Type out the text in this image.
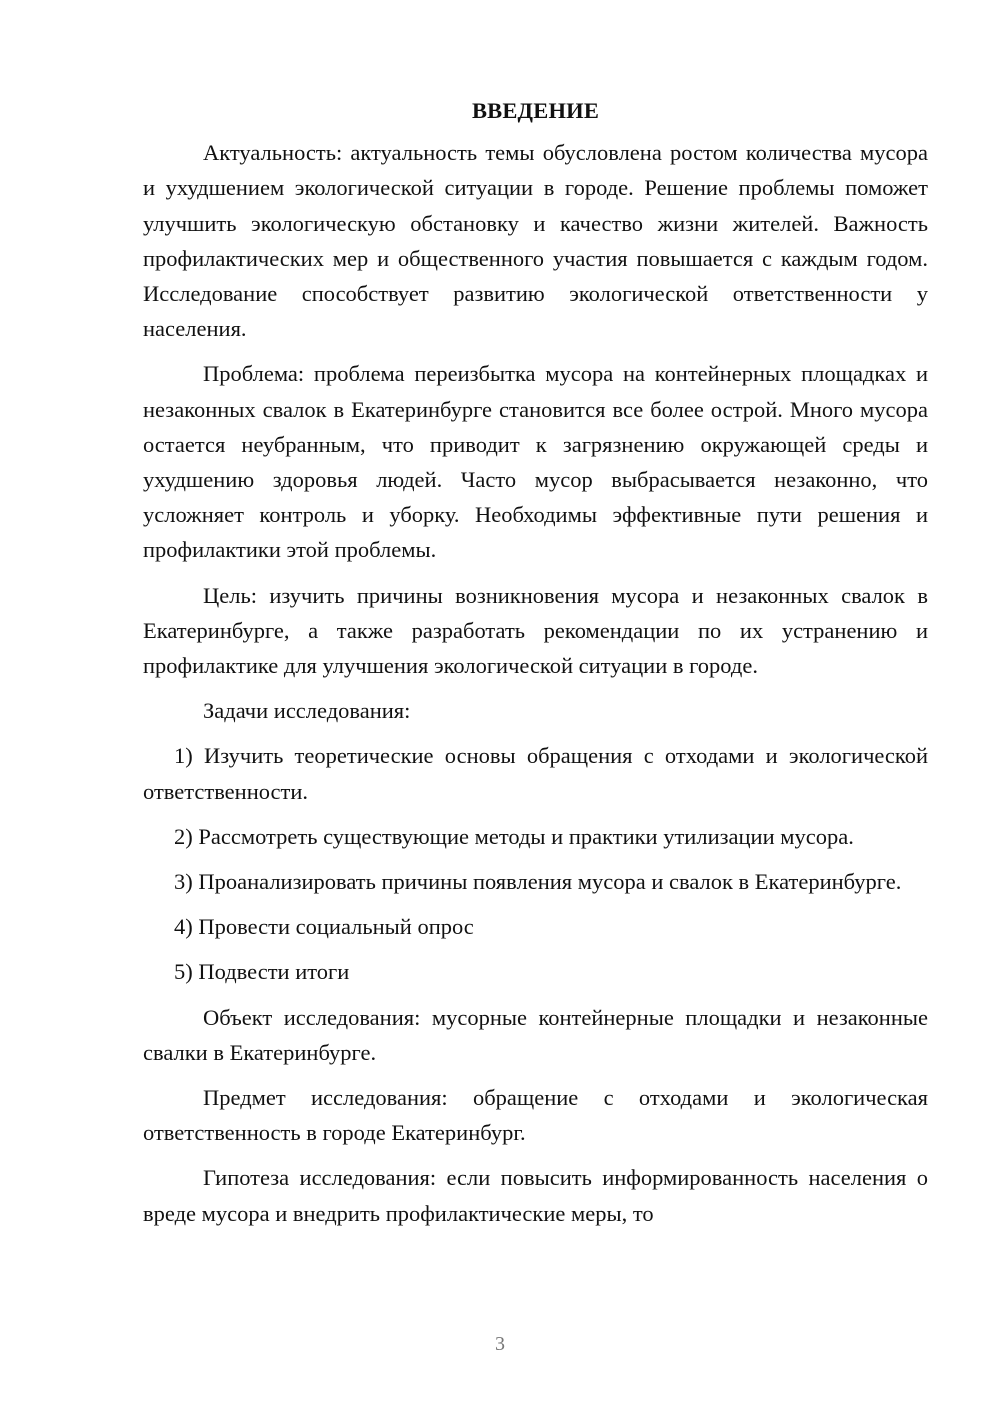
ВВЕДЕНИЕ

Актуальность: актуальность темы обусловлена ростом количества мусора и ухудшением экологической ситуации в городе. Решение проблемы поможет улучшить экологическую обстановку и качество жизни жителей. Важность профилактических мер и общественного участия повышается с каждым годом. Исследование способствует развитию экологической ответственности у населения.

Проблема: проблема переизбытка мусора на контейнерных площадках и незаконных свалок в Екатеринбурге становится все более острой. Много мусора остается неубранным, что приводит к загрязнению окружающей среды и ухудшению здоровья людей. Часто мусор выбрасывается незаконно, что усложняет контроль и уборку. Необходимы эффективные пути решения и профилактики этой проблемы.

Цель: изучить причины возникновения мусора и незаконных свалок в Екатеринбурге, а также разработать рекомендации по их устранению и профилактике для улучшения экологической ситуации в городе.

Задачи исследования:

1) Изучить теоретические основы обращения с отходами и экологической ответственности.

2) Рассмотреть существующие методы и практики утилизации мусора.

3) Проанализировать причины появления мусора и свалок в Екатеринбурге.

4) Провести социальный опрос

5) Подвести итоги

Объект исследования: мусорные контейнерные площадки и незаконные свалки в Екатеринбурге.

Предмет исследования: обращение с отходами и экологическая ответственность в городе Екатеринбург.

Гипотеза исследования: если повысить информированность населения о вреде мусора и внедрить профилактические меры, то

3
